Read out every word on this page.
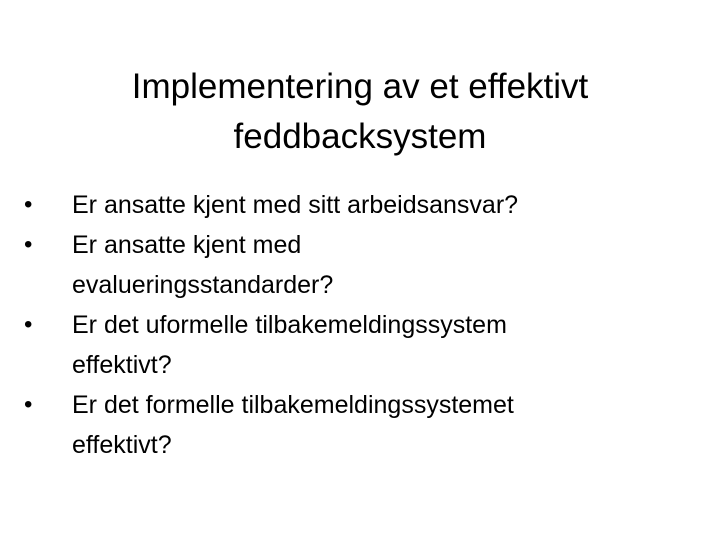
Implementering av et effektivt
feddbacksystem
• Er ansatte kjent med sitt arbeidsansvar?
• Er ansatte kjent med
evalueringsstandarder?
• Er det uformelle tilbakemeldingssystem
effektivt?
• Er det formelle tilbakemeldingssystemet
effektivt?
